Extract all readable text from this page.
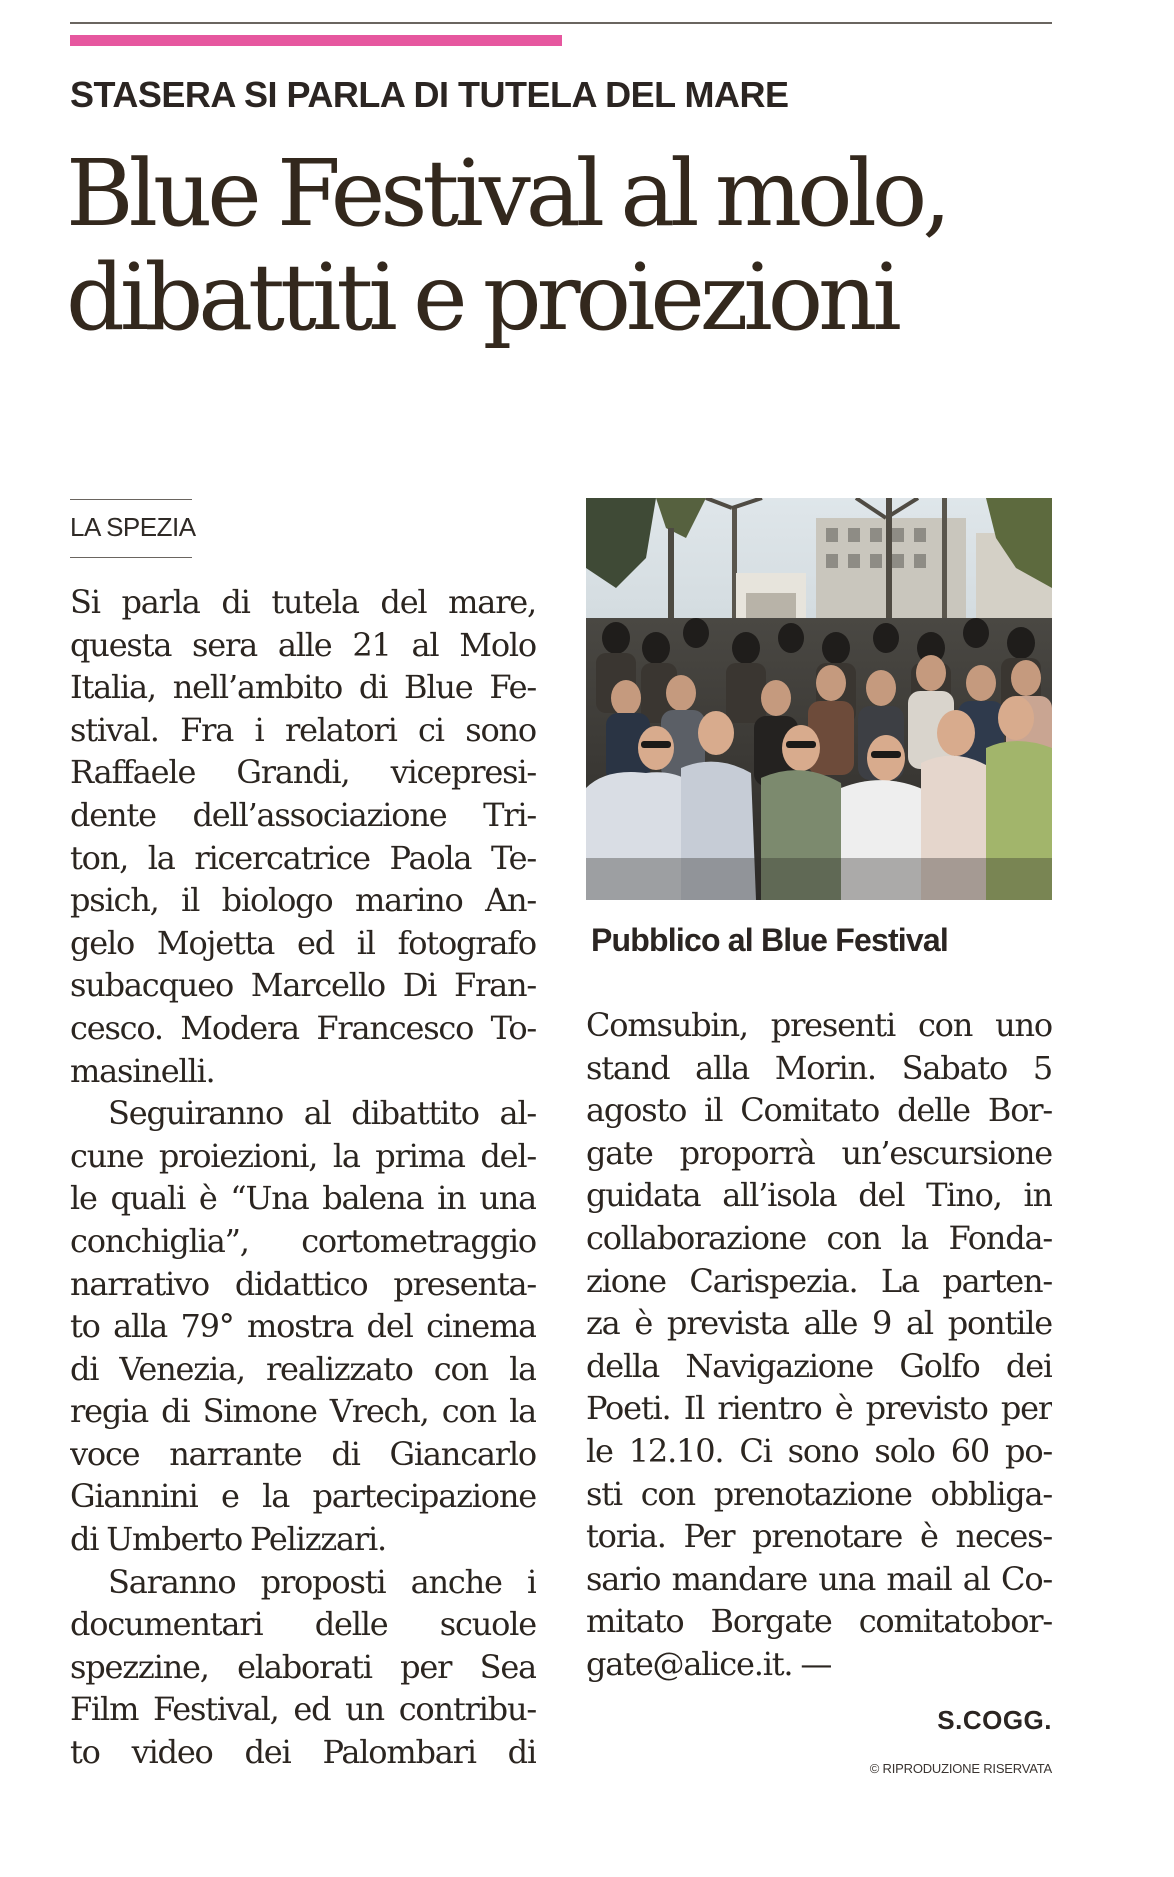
STASERA SI PARLA DI TUTELA DEL MARE
Blue Festival al molo,
dibattiti e proiezioni
LA SPEZIA
Si parla di tutela del mare,
questa sera alle 21 al Molo
Italia, nell’ambito di Blue Fe-
stival. Fra i relatori ci sono
Raffaele Grandi, vicepresi-
dente dell’associazione Tri-
ton, la ricercatrice Paola Te-
psich, il biologo marino An-
gelo Mojetta ed il fotografo
subacqueo Marcello Di Fran-
cesco. Modera Francesco To-
masinelli.
Seguiranno al dibattito al-
cune proiezioni, la prima del-
le quali è “Una balena in una
conchiglia”, cortometraggio
narrativo didattico presenta-
to alla 79° mostra del cinema
di Venezia, realizzato con la
regia di Simone Vrech, con la
voce narrante di Giancarlo
Giannini e la partecipazione
di Umberto Pelizzari.
Saranno proposti anche i
documentari delle scuole
spezzine, elaborati per Sea
Film Festival, ed un contribu-
to video dei Palombari di
Pubblico al Blue Festival
Comsubin, presenti con uno
stand alla Morin. Sabato 5
agosto il Comitato delle Bor-
gate proporrà un’escursione
guidata all’isola del Tino, in
collaborazione con la Fonda-
zione Carispezia. La parten-
za è prevista alle 9 al pontile
della Navigazione Golfo dei
Poeti. Il rientro è previsto per
le 12.10. Ci sono solo 60 po-
sti con prenotazione obbliga-
toria. Per prenotare è neces-
sario mandare una mail al Co-
mitato Borgate comitatobor-
gate@alice.it. —
S.COGG.
© RIPRODUZIONE RISERVATA
